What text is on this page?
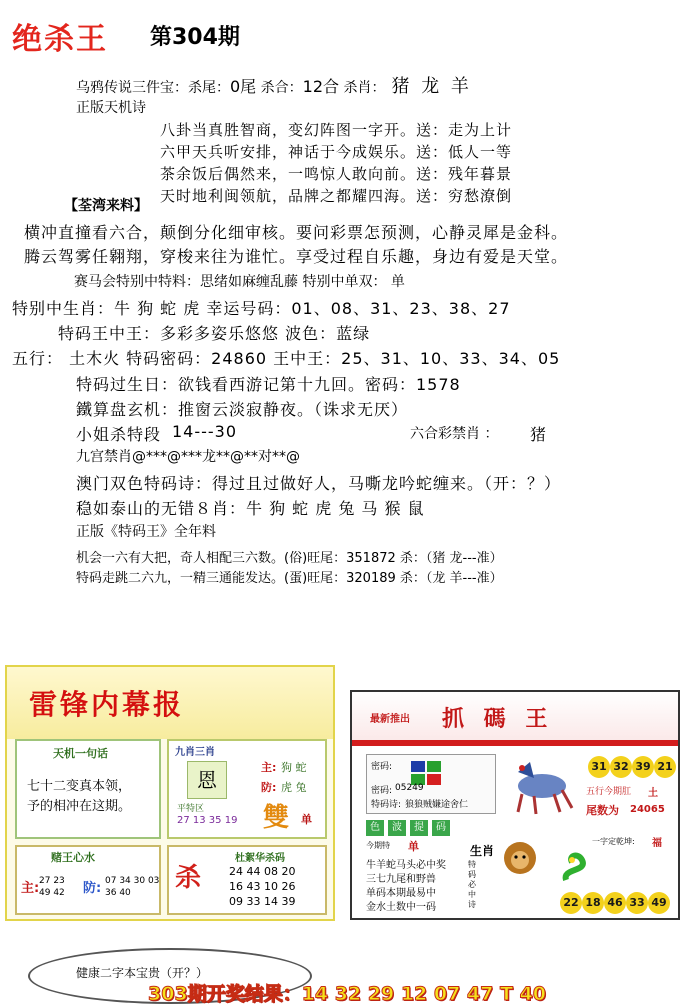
绝杀王 第304期
乌鸦传说三件宝：杀尾：0尾 杀合：12合 杀肖： 猪 龙 羊
正版天机诗
八卦当真胜智商，变幻阵图一字开。送：走为上计
六甲天兵听安排，神话于今成娱乐。送：低人一等
茶余饭后偶然来，一鸣惊人敢向前。送：残年暮景
天时地利闽领航，品牌之都耀四海。送：穷愁潦倒
【荃湾来料】
横冲直撞看六合，颠倒分化细审核。要问彩票怎预测，心静灵犀是金科。
腾云驾雾任翱翔，穿梭来往为谁忙。享受过程自乐趣，身边有爱是天堂。
赛马会特别中特料：思绪如麻缠乱藤 特别中单双： 单
特别中生肖：牛 狗 蛇 虎 幸运号码：01、08、31、23、38、27
特码王中王：多彩多姿乐悠悠 波色：蓝绿
五行： 土木火 特码密码：24860 王中王：25、31、10、33、34、05
特码过生日：欲钱看西游记第十九回。密码：1578
鐵算盘玄机：推窗云淡寂静夜。（诛求无厌）
小姐杀特段 14---30	六合彩禁肖 ： 猪
九宫禁肖@***@***龙**@**对**@
澳门双色特码诗：得过且过做好人，马嘶龙吟蛇缠来。（开：？）
稳如泰山的无错８肖：牛 狗 蛇 虎 兔 马 猴 鼠
正版《特码王》全年料
机会一六有大把，奇人相配三六数。(俗)旺尾：351872 杀：（猪 龙---准）
特码走跳二六九，一精三通能发达。(蛋)旺尾：320189 杀：（龙 羊---准）
雷锋内幕报
天机一句话
七十二变真本领，
予的相冲在这期。
九肖三肖
恩
主: 狗 蛇
防: 虎 兔
平特区
27 13 35 19 雙 单
赌王心水
主: 27 23 49 42	防: 07 34 30 03 36 40	杀
杜絮华杀码
24 44 08 20
16 43 10 26
09 33 14 39
最新推出 抓 碼 王
密码:
密码: 05249
特码诗: 狼狼贼嫌途舍仁
31 32 39 21
五行今期肛 土
尾数为 24065
色	波	提	码
今期特 单	生肖
牛羊蛇马头必中奖
三七九尾和野兽
单码本期最易中
金水土数中一码
特码必中诗
一字定乾坤: 福
22 18 46 33 49
健康二字本宝贵（开？）
303期开奖结果：14 32 29 12 07 47 T 40
